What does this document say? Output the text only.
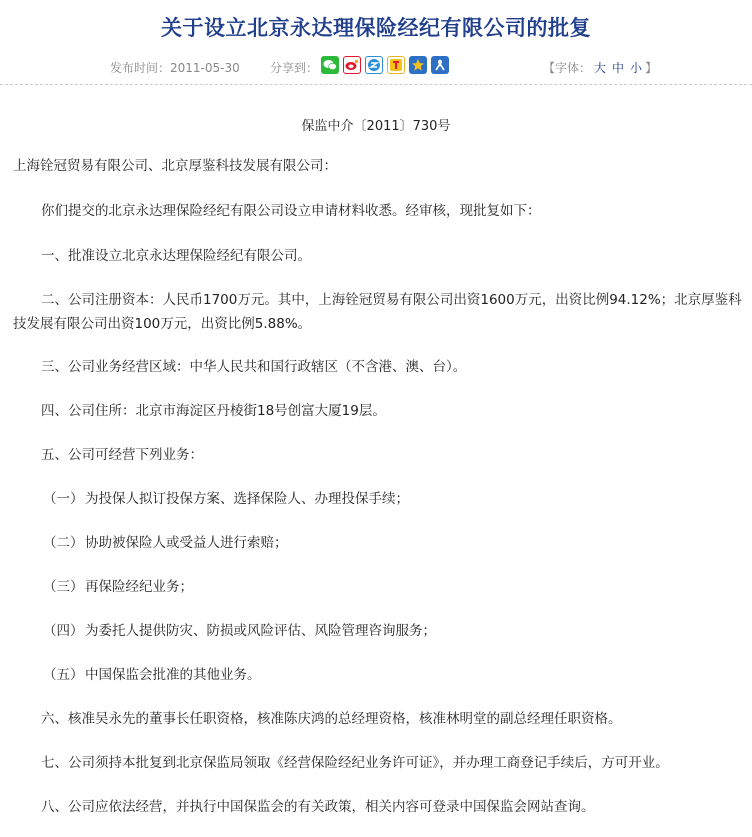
关于设立北京永达理保险经纪有限公司的批复
发布时间：2011-05-30	分享到：	【字体： 大 中 小 】
保监中介〔2011〕730号
上海铨冠贸易有限公司、北京厚鉴科技发展有限公司：
你们提交的北京永达理保险经纪有限公司设立申请材料收悉。经审核，现批复如下：
一、批准设立北京永达理保险经纪有限公司。
二、公司注册资本：人民币1700万元。其中，上海铨冠贸易有限公司出资1600万元，出资比例94.12%；北京厚鉴科
技发展有限公司出资100万元，出资比例5.88%。
三、公司业务经营区域：中华人民共和国行政辖区（不含港、澳、台）。
四、公司住所：北京市海淀区丹棱街18号创富大厦19层。
五、公司可经营下列业务：
（一） 为投保人拟订投保方案、选择保险人、办理投保手续；
（二） 协助被保险人或受益人进行索赔；
（三） 再保险经纪业务；
（四） 为委托人提供防灾、防损或风险评估、风险管理咨询服务；
（五） 中国保监会批准的其他业务。
六、核准吴永先的董事长任职资格，核准陈庆鸿的总经理资格，核准林明堂的副总经理任职资格。
七、公司须持本批复到北京保监局领取《经营保险经纪业务许可证》，并办理工商登记手续后，方可开业。
八、公司应依法经营，并执行中国保监会的有关政策，相关内容可登录中国保监会网站查询。
